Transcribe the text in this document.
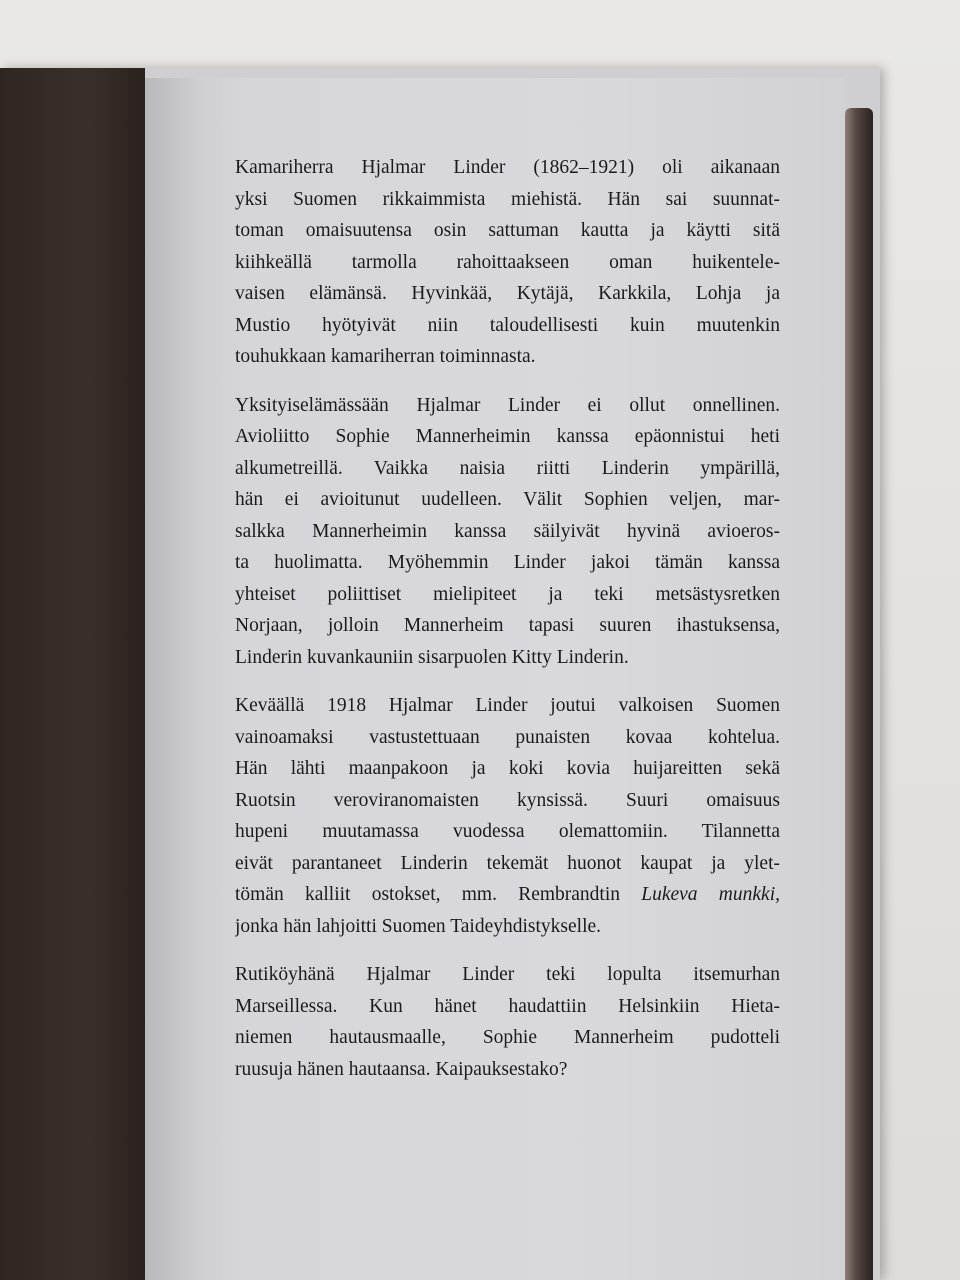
Kamariherra Hjalmar Linder (1862–1921) oli aikanaan
yksi Suomen rikkaimmista miehistä. Hän sai suunnat-
toman omaisuutensa osin sattuman kautta ja käytti sitä
kiihkeällä tarmolla rahoittaakseen oman huikentele-
vaisen elämänsä. Hyvinkää, Kytäjä, Karkkila, Lohja ja
Mustio hyötyivät niin taloudellisesti kuin muutenkin
touhukkaan kamariherran toiminnasta.

Yksityiselämässään Hjalmar Linder ei ollut onnellinen.
Avioliitto Sophie Mannerheimin kanssa epäonnistui heti
alkumetreillä. Vaikka naisia riitti Linderin ympärillä,
hän ei avioitunut uudelleen. Välit Sophien veljen, mar-
salkka Mannerheimin kanssa säilyivät hyvinä avioeros-
ta huolimatta. Myöhemmin Linder jakoi tämän kanssa
yhteiset poliittiset mielipiteet ja teki metsästysretken
Norjaan, jolloin Mannerheim tapasi suuren ihastuksensa,
Linderin kuvankauniin sisarpuolen Kitty Linderin.

Keväällä 1918 Hjalmar Linder joutui valkoisen Suomen
vainoamaksi vastustettuaan punaisten kovaa kohtelua.
Hän lähti maanpakoon ja koki kovia huijareitten sekä
Ruotsin veroviranomaisten kynsissä. Suuri omaisuus
hupeni muutamassa vuodessa olemattomiin. Tilannetta
eivät parantaneet Linderin tekemät huonot kaupat ja ylet-
tömän kalliit ostokset, mm. Rembrandtin Lukeva munkki,
jonka hän lahjoitti Suomen Taideyhdistykselle.

Rutiköyhänä Hjalmar Linder teki lopulta itsemurhan
Marseillessa. Kun hänet haudattiin Helsinkiin Hieta-
niemen hautausmaalle, Sophie Mannerheim pudotteli
ruusuja hänen hautaansa. Kaipauksestako?
